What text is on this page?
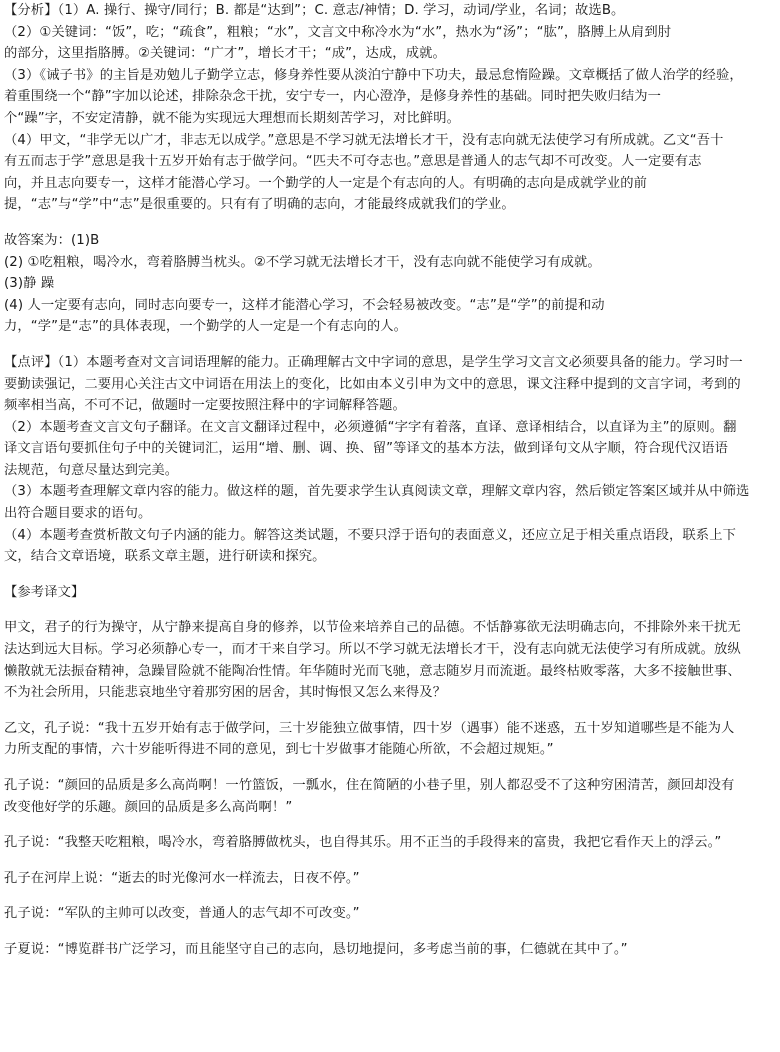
【分析】（1）A. 操行、操守/同行；B. 都是“达到”；C. 意志/神情；D. 学习，动词/学业，名词；故选B。
（2）①关键词：“饭”，吃；“疏食”，粗粮；“水”，文言文中称冷水为“水”，热水为“汤”；“肱”，胳膊上从肩到肘
的部分，这里指胳膊。②关键词：“广才”，增长才干；“成”，达成，成就。
（3）《诫子书》的主旨是劝勉儿子勤学立志，修身养性要从淡泊宁静中下功夫，最忌怠惰险躁。文章概括了做人治学的经验，
着重围绕一个“静”字加以论述，排除杂念干扰，安宁专一，内心澄净，是修身养性的基础。同时把失败归结为一
个“躁”字，不安定清静，就不能为实现远大理想而长期刻苦学习，对比鲜明。
（4）甲文，“非学无以广才，非志无以成学。”意思是不学习就无法增长才干，没有志向就无法使学习有所成就。乙文“吾十
有五而志于学”意思是我十五岁开始有志于做学问。“匹夫不可夺志也。”意思是普通人的志气却不可改变。人一定要有志
向，并且志向要专一，这样才能潜心学习。一个勤学的人一定是个有志向的人。有明确的志向是成就学业的前
提，“志”与“学”中“志”是很重要的。只有有了明确的志向，才能最终成就我们的学业。
故答案为：(1)B
(2) ①吃粗粮，喝冷水，弯着胳膊当枕头。②不学习就无法增长才干，没有志向就不能使学习有成就。
(3)静 躁
(4) 人一定要有志向，同时志向要专一，这样才能潜心学习，不会轻易被改变。“志”是“学”的前提和动
力，“学”是“志”的具体表现，一个勤学的人一定是一个有志向的人。
【点评】（1）本题考查对文言词语理解的能力。正确理解古文中字词的意思，是学生学习文言文必须要具备的能力。学习时一
要勤读强记，二要用心关注古文中词语在用法上的变化，比如由本义引申为文中的意思，课文注释中提到的文言字词，考到的
频率相当高，不可不记，做题时一定要按照注释中的字词解释答题。
（2）本题考查文言文句子翻译。在文言文翻译过程中，必须遵循“字字有着落，直译、意译相结合，以直译为主”的原则。翻
译文言语句要抓住句子中的关键词汇，运用“增、删、调、换、留”等译文的基本方法，做到译句文从字顺，符合现代汉语语
法规范，句意尽量达到完美。
（3）本题考查理解文章内容的能力。做这样的题，首先要求学生认真阅读文章，理解文章内容，然后锁定答案区域并从中筛选
出符合题目要求的语句。
（4）本题考查赏析散文句子内涵的能力。解答这类试题，不要只浮于语句的表面意义，还应立足于相关重点语段，联系上下
文，结合文章语境，联系文章主题，进行研读和探究。
【参考译文】
甲文，君子的行为操守，从宁静来提高自身的修养，以节俭来培养自己的品德。不恬静寡欲无法明确志向，不排除外来干扰无
法达到远大目标。学习必须静心专一，而才干来自学习。所以不学习就无法增长才干，没有志向就无法使学习有所成就。放纵
懒散就无法振奋精神，急躁冒险就不能陶冶性情。年华随时光而飞驰，意志随岁月而流逝。最终枯败零落，大多不接触世事、
不为社会所用，只能悲哀地坐守着那穷困的居舍，其时悔恨又怎么来得及？
乙文，孔子说：“我十五岁开始有志于做学问，三十岁能独立做事情，四十岁（遇事）能不迷惑，五十岁知道哪些是不能为人
力所支配的事情，六十岁能听得进不同的意见，到七十岁做事才能随心所欲，不会超过规矩。”
孔子说：“颜回的品质是多么高尚啊！一竹篮饭，一瓢水，住在简陋的小巷子里，别人都忍受不了这种穷困清苦，颜回却没有
改变他好学的乐趣。颜回的品质是多么高尚啊！”
孔子说：“我整天吃粗粮，喝冷水，弯着胳膊做枕头，也自得其乐。用不正当的手段得来的富贵，我把它看作天上的浮云。”
孔子在河岸上说：“逝去的时光像河水一样流去，日夜不停。”
孔子说：“军队的主帅可以改变，普通人的志气却不可改变。”
子夏说：“博览群书广泛学习，而且能坚守自己的志向，恳切地提问，多考虑当前的事，仁德就在其中了。”
